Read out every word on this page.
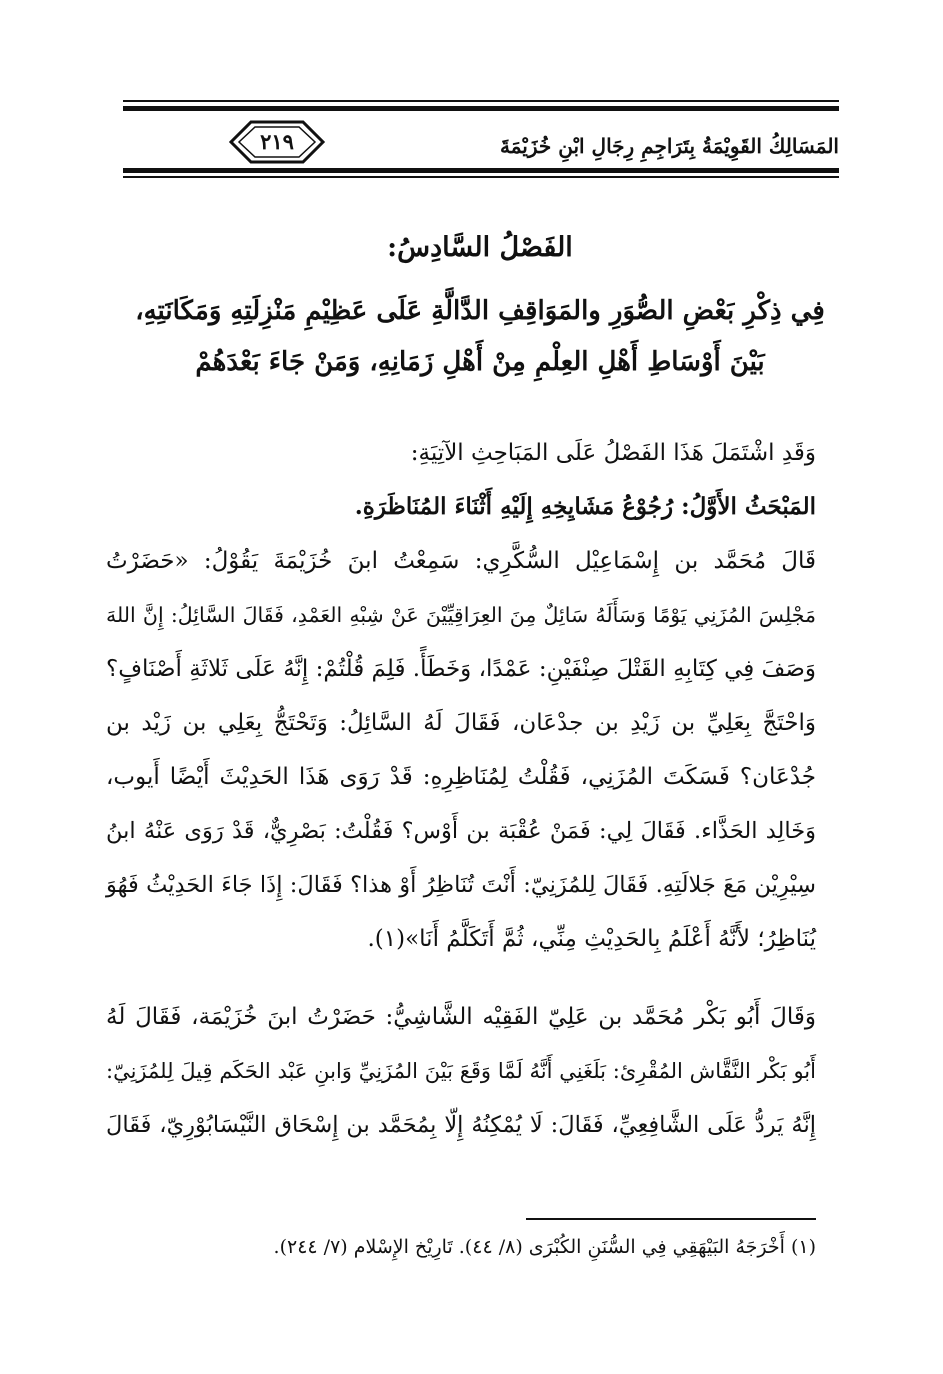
المَسَالِكُ القَوِيْمَةُ بِتَرَاجِمِ رِجَالِ ابْنِ خُزَيْمَةَ
٢١٩
الفَصْلُ السَّادِسُ:
فِي ذِكْرِ بَعْضِ الصُّوَرِ والمَوَاقِفِ الدَّالَّةِ عَلَى عَظِيْمِ مَنْزِلَتِهِ وَمَكَانَتِهِ،
بَيْنَ أَوْسَاطِ أَهْلِ العِلْمِ مِنْ أَهْلِ زَمَانِهِ، وَمَنْ جَاءَ بَعْدَهُمْ
وَقَدِ اشْتَمَلَ هَذَا الفَصْلُ عَلَى المَبَاحِثِ الآتِيَةِ:
المَبْحَثُ الأَوَّلُ: رُجُوْعُ مَشَايِخِهِ إِلَيْهِ أَثْنَاءَ المُنَاظَرَةِ.
قَالَ مُحَمَّد بن إِسْمَاعِيْل السُّكَّرِي: سَمِعْتُ ابنَ خُزَيْمَةَ يَقُوْلُ: «حَضَرْتُ
مَجْلِسَ المُزَنِي يَوْمًا وَسَأَلَهُ سَائِلٌ مِنَ العِرَاقِيِّيْنَ عَنْ شِبْهِ العَمْدِ، فَقَالَ السَّائِلُ: إِنَّ اللهَ
وَصَفَ فِي كِتَابِهِ القَتْلَ صِنْفَيْنِ: عَمْدًا، وَخَطَأً. فَلِمَ قُلْتُمْ: إِنَّهُ عَلَى ثَلاثَةِ أَصْنَافٍ؟
وَاحْتَجَّ بِعَلِيِّ بن زَيْدِ بن جدْعَان، فَقَالَ لَهُ السَّائِلُ: وَتَحْتَجُّ بِعَلِي بن زَيْد بن
جُدْعَان؟ فَسَكَتَ المُزَنِي، فَقُلْتُ لِمُنَاظِرِهِ: قَدْ رَوَى هَذَا الحَدِيْثَ أَيْضًا أَيوب،
وَخَالِد الحَذَّاء. فَقَالَ لِي: فَمَنْ عُقْبَة بن أَوْس؟ فَقُلْتُ: بَصْرِيٌّ، قَدْ رَوَى عَنْهُ ابنُ
سِيْرِيْن مَعَ جَلالَتِهِ. فَقَالَ لِلمُزَنِيّ: أَنْتَ تُنَاظِرُ أَوْ هذا؟ فَقَالَ: إِذَا جَاءَ الحَدِيْثُ فَهُوَ
يُنَاظِرُ؛ لأَنَّهُ أَعْلَمُ بِالحَدِيْثِ مِنِّي، ثُمَّ أَتَكَلَّمُ أَنَا»(١).
وَقَالَ أَبُو بَكْر مُحَمَّد بن عَلِيّ الفَقِيْه الشَّاشِيُّ: حَضَرْتُ ابنَ خُزَيْمَة، فَقَالَ لَهُ
أَبُو بَكْر النَّقَّاش المُقْرِئ: بَلَغَنِي أَنَّهُ لَمَّا وَقَعَ بَيْنَ المُزَنِيِّ وَابنِ عَبْد الحَكَم قِيلَ لِلمُزَنِيّ:
إِنَّهُ يَردُّ عَلَى الشَّافِعِيِّ، فَقَالَ: لَا يُمْكِنُهُ إِلّا بِمُحَمَّد بن إِسْحَاق النَّيْسَابُوْرِيّ، فَقَالَ
(١) أَخْرَجَهُ البَيْهَقِي فِي السُّنَنِ الكُبْرَى (٨/ ٤٤). تَارِيْخ الإِسْلام (٧/ ٢٤٤).
